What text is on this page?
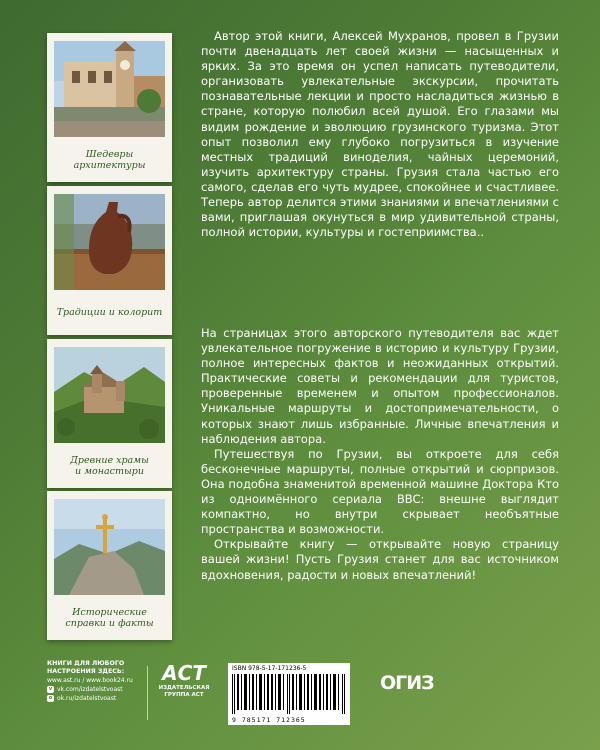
Шедевры
архитектуры
Традиции и колорит
Древние храмы
и монастыри
Исторические
справки и факты

Автор этой книги, Алексей Мухранов, провел в Грузии почти двенадцать лет своей жизни — насыщенных и ярких. За это время он успел написать путеводители, организовать увлекательные экскурсии, прочитать познавательные лекции и просто насладиться жизнью в стране, которую полюбил всей душой. Его глазами мы видим рождение и эволюцию грузинского туризма. Этот опыт позволил ему глубоко погрузиться в изучение местных традиций виноделия, чайных церемоний, изучить архитектуру страны. Грузия стала частью его самого, сделав его чуть мудрее, спокойнее и счастливее. Теперь автор делится этими знаниями и впечатлениями с вами, приглашая окунуться в мир удивительной страны, полной истории, культуры и гостеприимства..

На страницах этого авторского путеводителя вас ждет увлекательное погружение в историю и культуру Грузии, полное интересных фактов и неожиданных открытий. Практические советы и рекомендации для туристов, проверенные временем и опытом профессионалов. Уникальные маршруты и достопримечательности, о которых знают лишь избранные. Личные впечатления и наблюдения автора.

Путешествуя по Грузии, вы откроете для себя бесконечные маршруты, полные открытий и сюрпризов. Она подобна знаменитой временной машине Доктора Кто из одноимённого сериала BBC: внешне выглядит компактно, но внутри скрывает необъятные пространства и возможности.

Открывайте книгу — открывайте новую страницу вашей жизни! Пусть Грузия станет для вас источником вдохновения, радости и новых впечатлений!

КНИГИ ДЛЯ ЛЮБОГО
НАСТРОЕНИЯ ЗДЕСЬ:
www.ast.ru / www.book24.ru
v vk.com/izdatelstvoast
o ok.ru/izdatelstvoast
АСТ
ИЗДАТЕЛЬСКАЯ
ГРУППА АСТ
ISBN 978-5-17-171236-5
9 785171 712365
ОГИЗ
